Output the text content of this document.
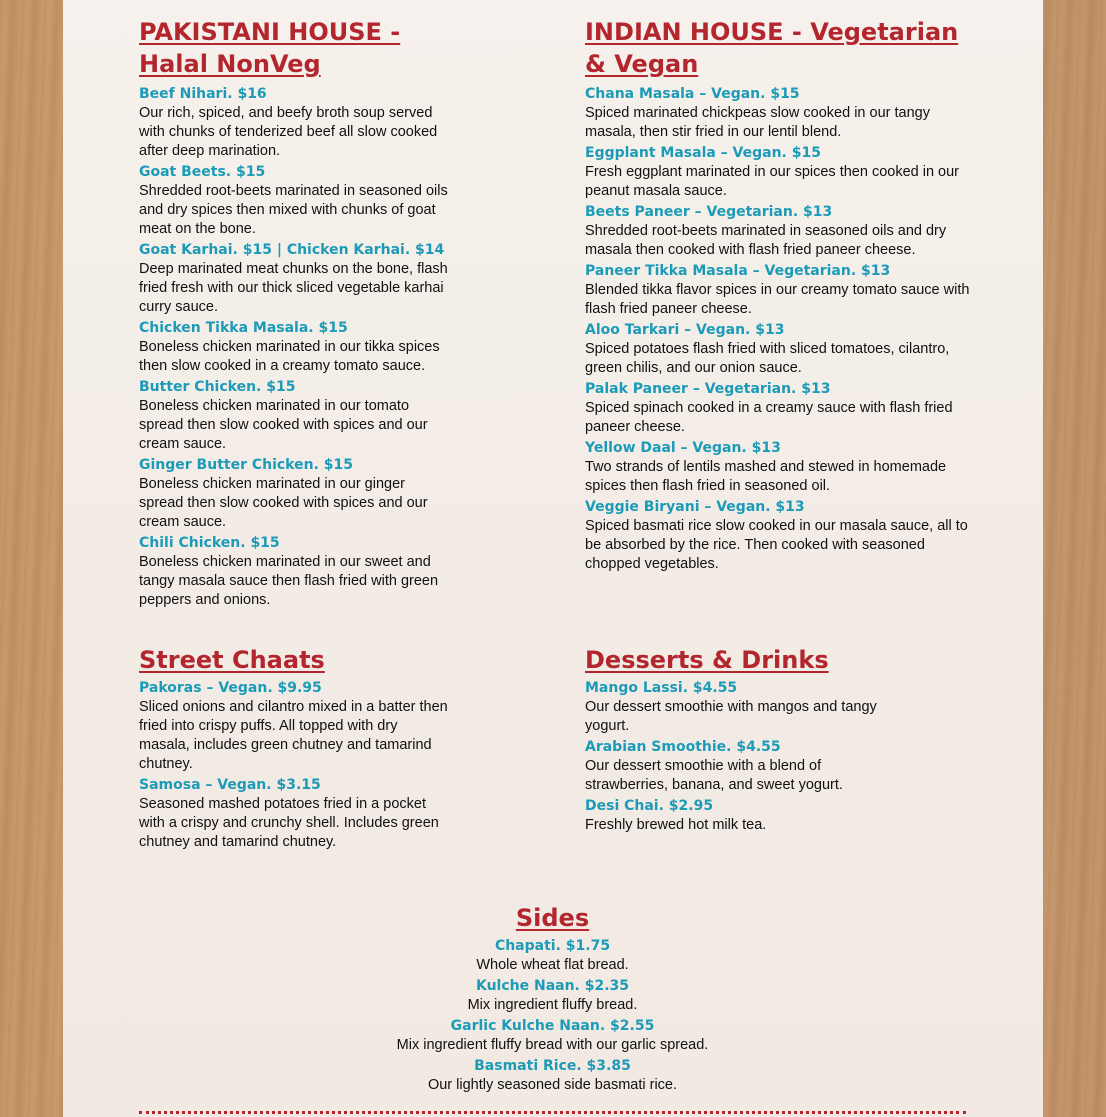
PAKISTANI HOUSE - Halal NonVeg
Beef Nihari. $16
Our rich, spiced, and beefy broth soup served with chunks of tenderized beef all slow cooked after deep marination.
Goat Beets. $15
Shredded root-beets marinated in seasoned oils and dry spices then mixed with chunks of goat meat on the bone.
Goat Karhai. $15 | Chicken Karhai. $14
Deep marinated meat chunks on the bone, flash fried fresh with our thick sliced vegetable karhai curry sauce.
Chicken Tikka Masala. $15
Boneless chicken marinated in our tikka spices then slow cooked in a creamy tomato sauce.
Butter Chicken. $15
Boneless chicken marinated in our tomato spread then slow cooked with spices and our cream sauce.
Ginger Butter Chicken. $15
Boneless chicken marinated in our ginger spread then slow cooked with spices and our cream sauce.
Chili Chicken. $15
Boneless chicken marinated in our sweet and tangy masala sauce then flash fried with green peppers and onions.
INDIAN HOUSE - Vegetarian & Vegan
Chana Masala – Vegan. $15
Spiced marinated chickpeas slow cooked in our tangy masala, then stir fried in our lentil blend.
Eggplant Masala – Vegan. $15
Fresh eggplant marinated in our spices then cooked in our peanut masala sauce.
Beets Paneer – Vegetarian. $13
Shredded root-beets marinated in seasoned oils and dry masala then cooked with flash fried paneer cheese.
Paneer Tikka Masala – Vegetarian. $13
Blended tikka flavor spices in our creamy tomato sauce with flash fried paneer cheese.
Aloo Tarkari – Vegan. $13
Spiced potatoes flash fried with sliced tomatoes, cilantro, green chilis, and our onion sauce.
Palak Paneer – Vegetarian. $13
Spiced spinach cooked in a creamy sauce with flash fried paneer cheese.
Yellow Daal – Vegan. $13
Two strands of lentils mashed and stewed in homemade spices then flash fried in seasoned oil.
Veggie Biryani – Vegan. $13
Spiced basmati rice slow cooked in our masala sauce, all to be absorbed by the rice. Then cooked with seasoned chopped vegetables.
Street Chaats
Pakoras – Vegan. $9.95
Sliced onions and cilantro mixed in a batter then fried into crispy puffs. All topped with dry masala, includes green chutney and tamarind chutney.
Samosa – Vegan. $3.15
Seasoned mashed potatoes fried in a pocket with a crispy and crunchy shell. Includes green chutney and tamarind chutney.
Desserts & Drinks
Mango Lassi. $4.55
Our dessert smoothie with mangos and tangy yogurt.
Arabian Smoothie. $4.55
Our dessert smoothie with a blend of strawberries, banana, and sweet yogurt.
Desi Chai. $2.95
Freshly brewed hot milk tea.
Sides
Chapati. $1.75
Whole wheat flat bread.
Kulche Naan. $2.35
Mix ingredient fluffy bread.
Garlic Kulche Naan. $2.55
Mix ingredient fluffy bread with our garlic spread.
Basmati Rice. $3.85
Our lightly seasoned side basmati rice.
